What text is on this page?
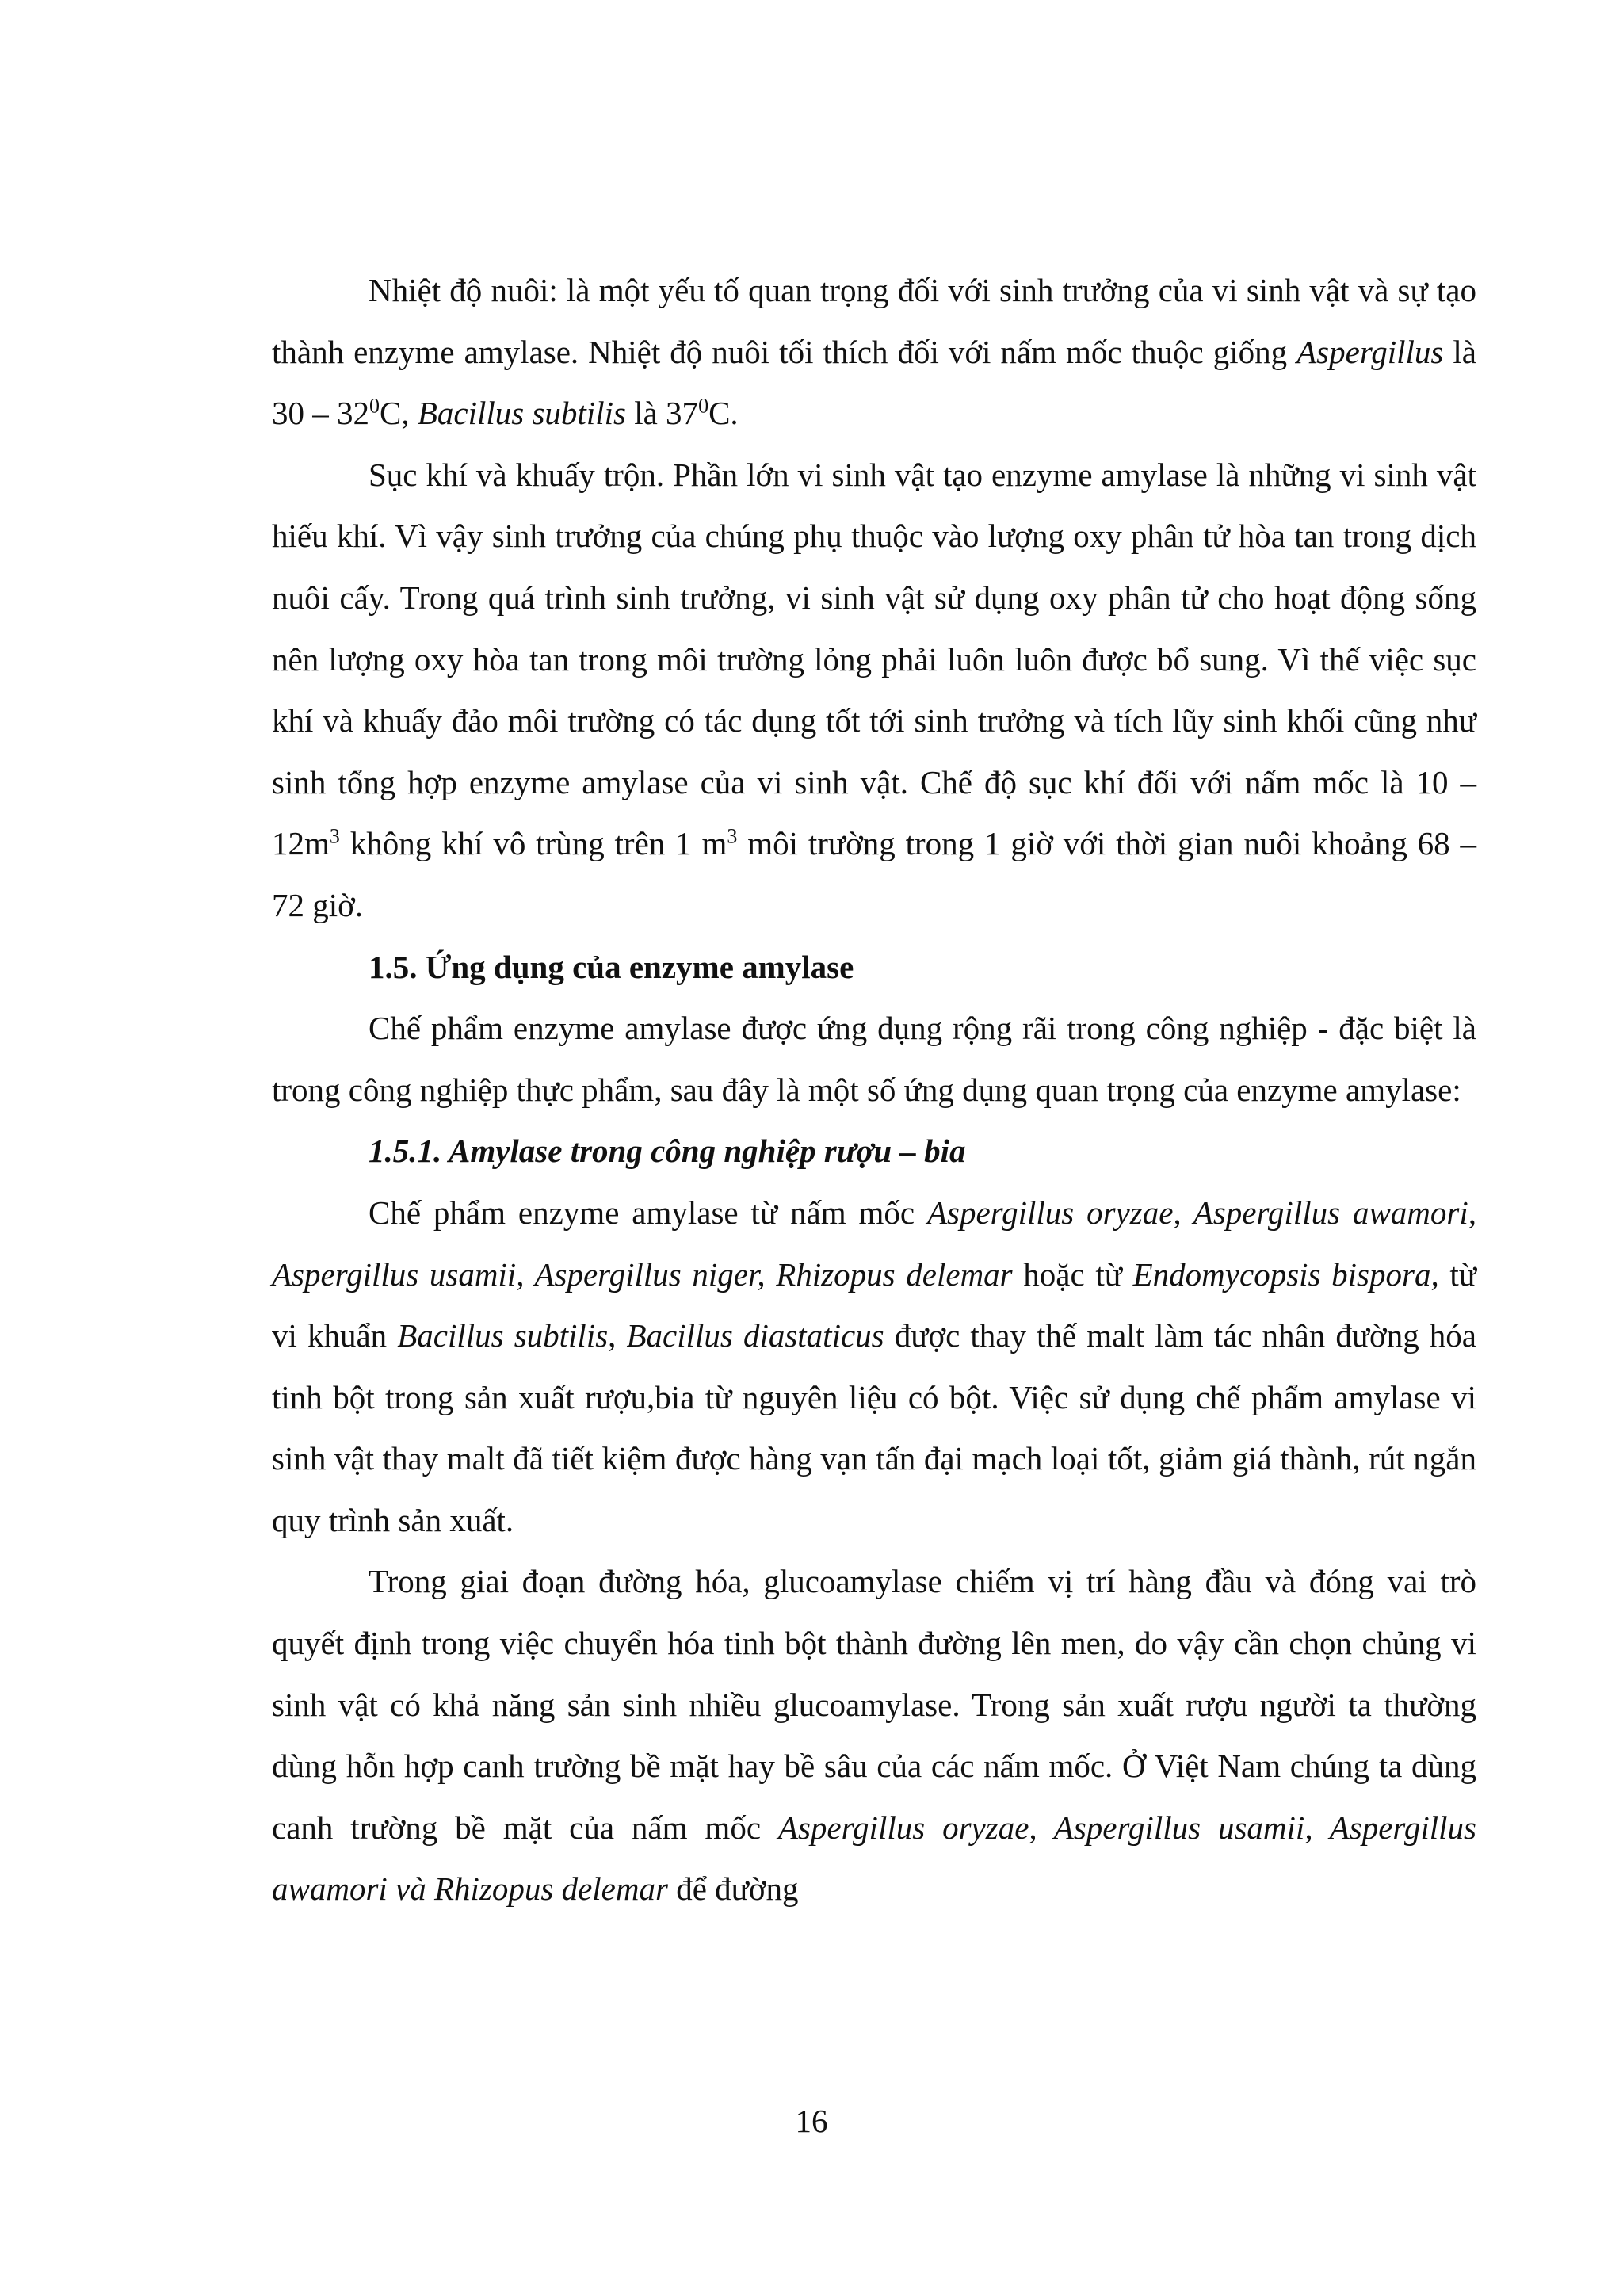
Nhiệt độ nuôi: là một yếu tố quan trọng đối với sinh trưởng của vi sinh vật và sự tạo thành enzyme amylase. Nhiệt độ nuôi tối thích đối với nấm mốc thuộc giống Aspergillus là $30 - 32^0C$, Bacillus subtilis là $37^0C$.

Sục khí và khuấy trộn. Phần lớn vi sinh vật tạo enzyme amylase là những vi sinh vật hiếu khí. Vì vậy sinh trưởng của chúng phụ thuộc vào lượng oxy phân tử hòa tan trong dịch nuôi cấy. Trong quá trình sinh trưởng, vi sinh vật sử dụng oxy phân tử cho hoạt động sống nên lượng oxy hòa tan trong môi trường lỏng phải luôn luôn được bổ sung. Vì thế việc sục khí và khuấy đảo môi trường có tác dụng tốt tới sinh trưởng và tích lũy sinh khối cũng như sinh tổng hợp enzyme amylase của vi sinh vật. Chế độ sục khí đối với nấm mốc là $10 - 12m^3$ không khí vô trùng trên 1 $m^3$ môi trường trong 1 giờ với thời gian nuôi khoảng 68 – 72 giờ.

1.5. Ứng dụng của enzyme amylase

Chế phẩm enzyme amylase được ứng dụng rộng rãi trong công nghiệp - đặc biệt là trong công nghiệp thực phẩm, sau đây là một số ứng dụng quan trọng của enzyme amylase:

1.5.1. Amylase trong công nghiệp rượu – bia

Chế phẩm enzyme amylase từ nấm mốc Aspergillus oryzae, Aspergillus awamori, Aspergillus usamii, Aspergillus niger, Rhizopus delemar hoặc từ Endomycopsis bispora, từ vi khuẩn Bacillus subtilis, Bacillus diastaticus được thay thế malt làm tác nhân đường hóa tinh bột trong sản xuất rượu,bia từ nguyên liệu có bột. Việc sử dụng chế phẩm amylase vi sinh vật thay malt đã tiết kiệm được hàng vạn tấn đại mạch loại tốt, giảm giá thành, rút ngắn quy trình sản xuất.

Trong giai đoạn đường hóa, glucoamylase chiếm vị trí hàng đầu và đóng vai trò quyết định trong việc chuyển hóa tinh bột thành đường lên men, do vậy cần chọn chủng vi sinh vật có khả năng sản sinh nhiều glucoamylase. Trong sản xuất rượu người ta thường dùng hỗn hợp canh trường bề mặt hay bề sâu của các nấm mốc. Ở Việt Nam chúng ta dùng canh trường bề mặt của nấm mốc Aspergillus oryzae, Aspergillus usamii, Aspergillus awamori và Rhizopus delemar để đường

16
